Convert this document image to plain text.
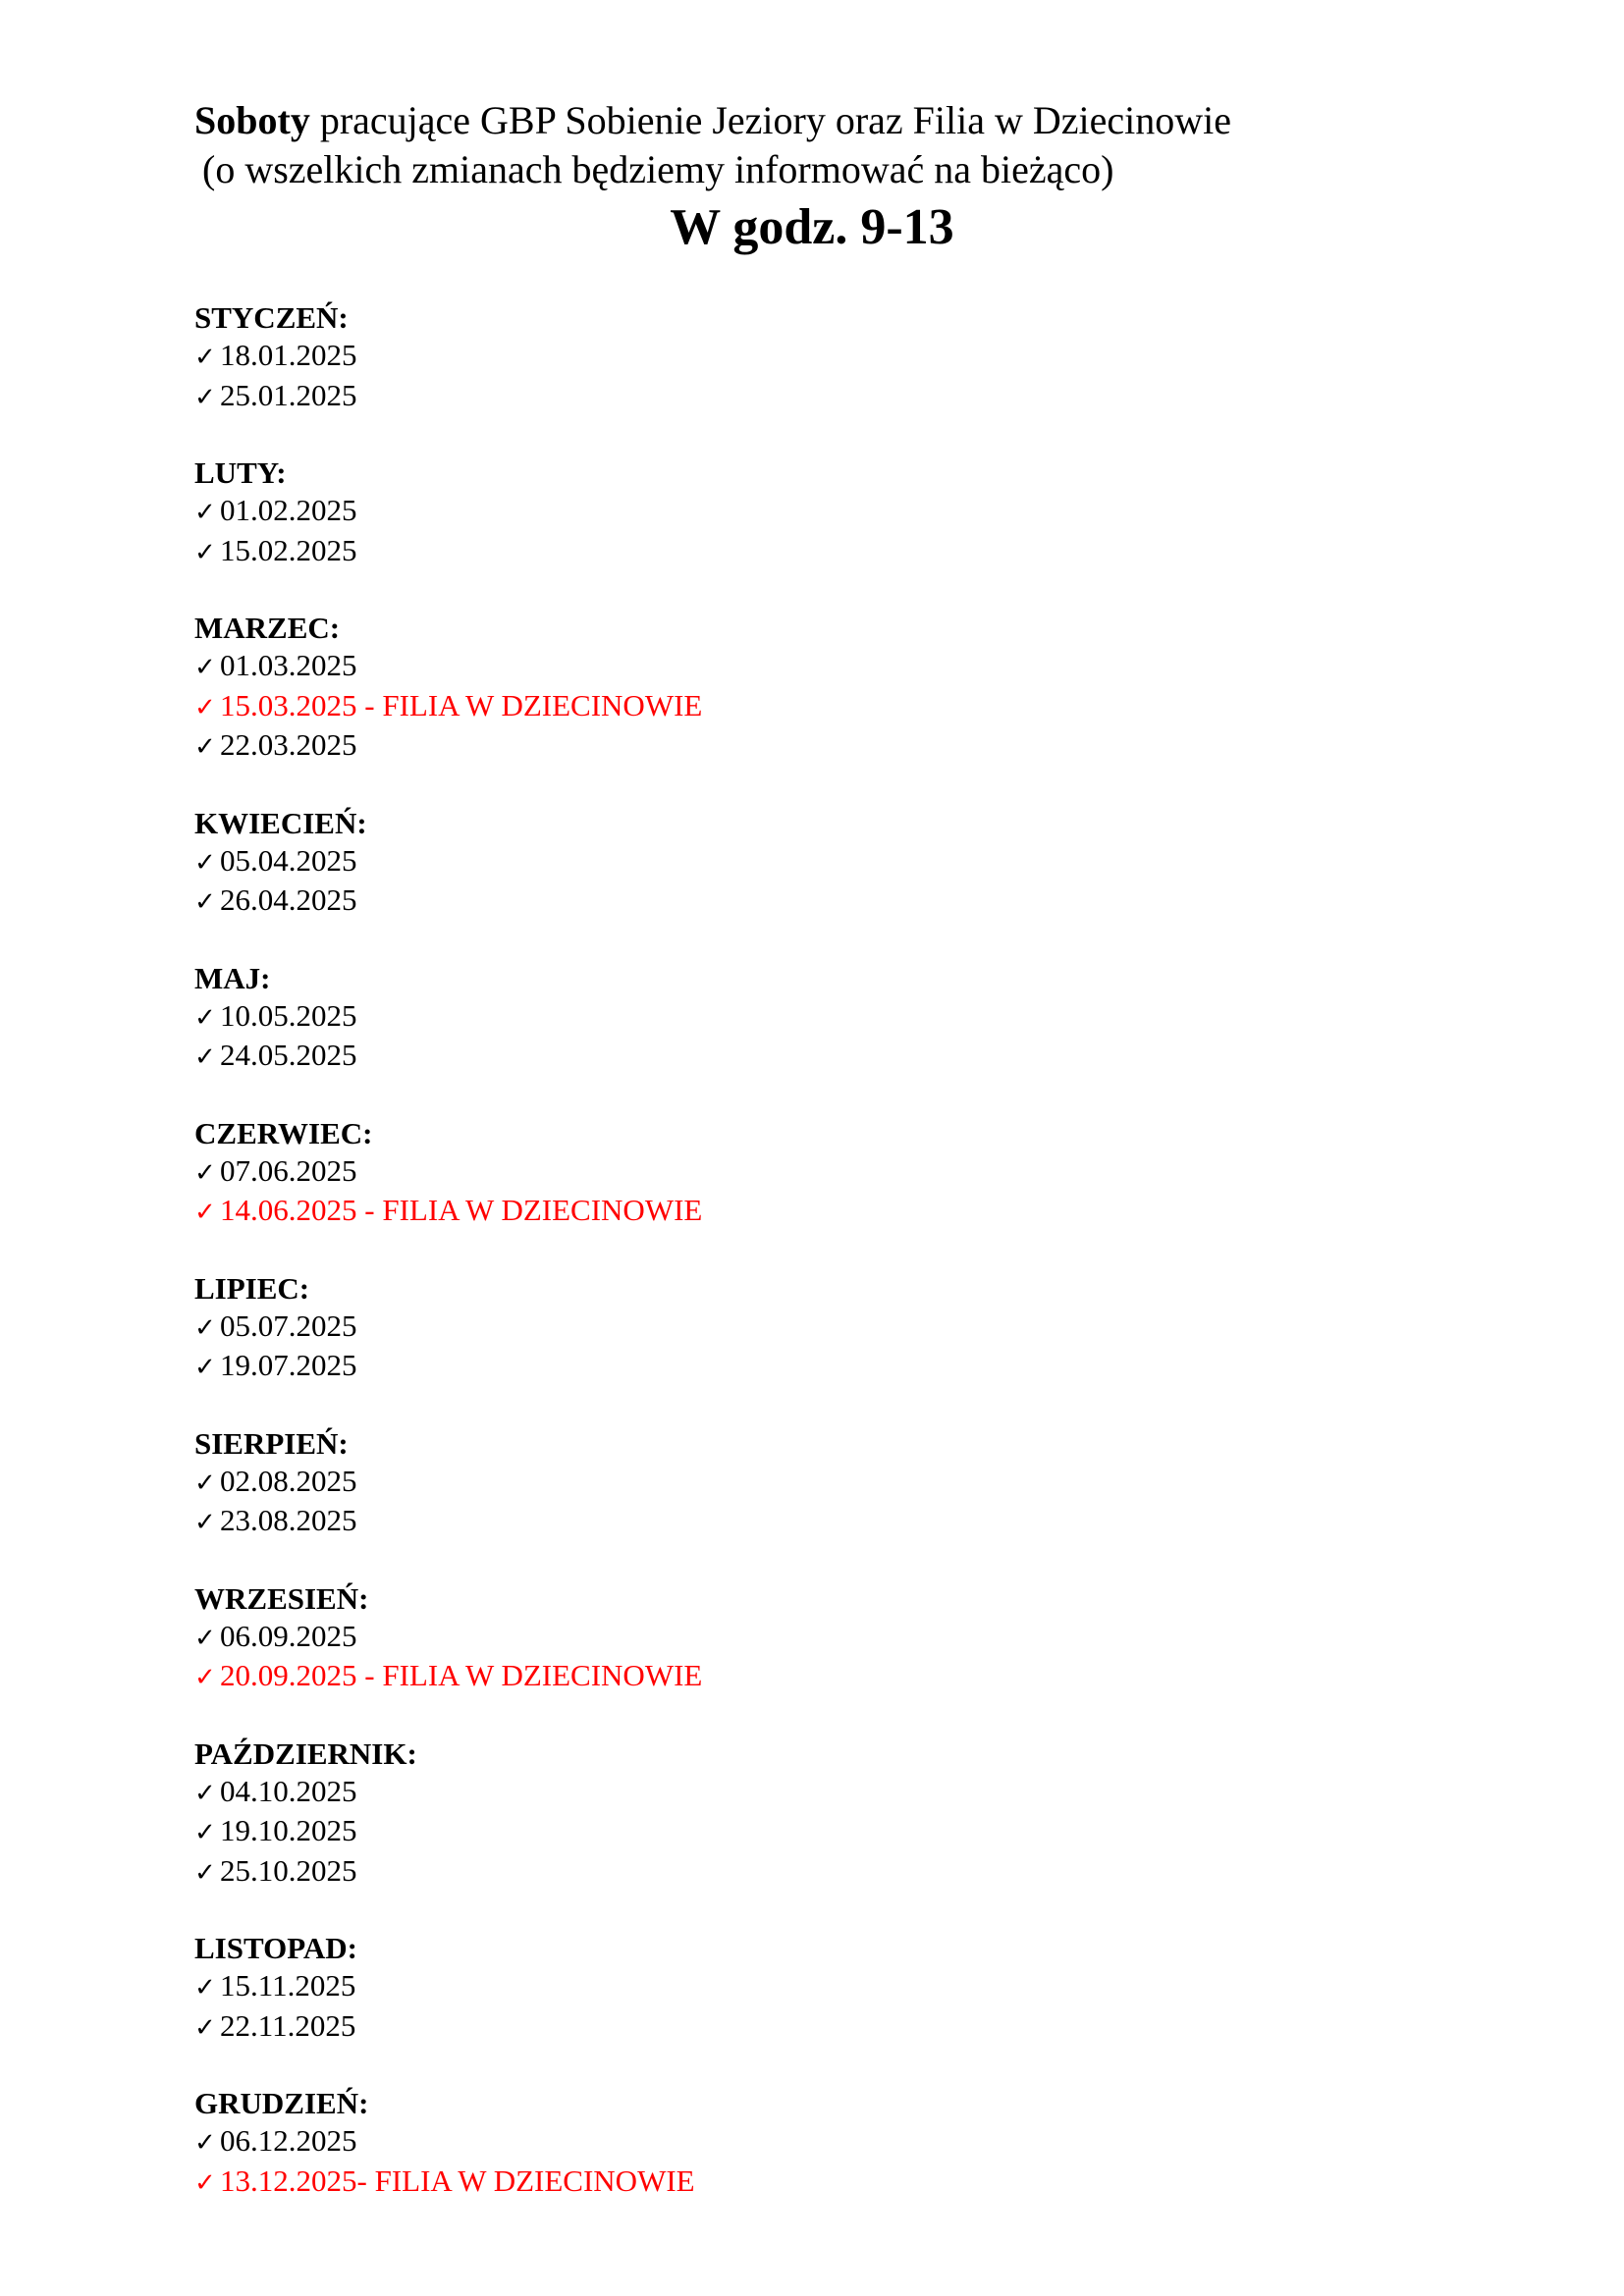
Soboty pracujące GBP Sobienie Jeziory oraz Filia w Dziecinowie
(o wszelkich zmianach będziemy informować na bieżąco)
W godz. 9-13
STYCZEŃ:
✓ 18.01.2025
✓ 25.01.2025
LUTY:
✓ 01.02.2025
✓ 15.02.2025
MARZEC:
✓ 01.03.2025
✓ 15.03.2025 - FILIA W DZIECINOWIE
✓ 22.03.2025
KWIECIEŃ:
✓ 05.04.2025
✓ 26.04.2025
MAJ:
✓ 10.05.2025
✓ 24.05.2025
CZERWIEC:
✓ 07.06.2025
✓ 14.06.2025 - FILIA W DZIECINOWIE
LIPIEC:
✓ 05.07.2025
✓ 19.07.2025
SIERPIEŃ:
✓ 02.08.2025
✓ 23.08.2025
WRZESIEŃ:
✓ 06.09.2025
✓ 20.09.2025 - FILIA W DZIECINOWIE
PAŹDZIERNIK:
✓ 04.10.2025
✓ 19.10.2025
✓ 25.10.2025
LISTOPAD:
✓ 15.11.2025
✓ 22.11.2025
GRUDZIEŃ:
✓ 06.12.2025
✓ 13.12.2025- FILIA W DZIECINOWIE
